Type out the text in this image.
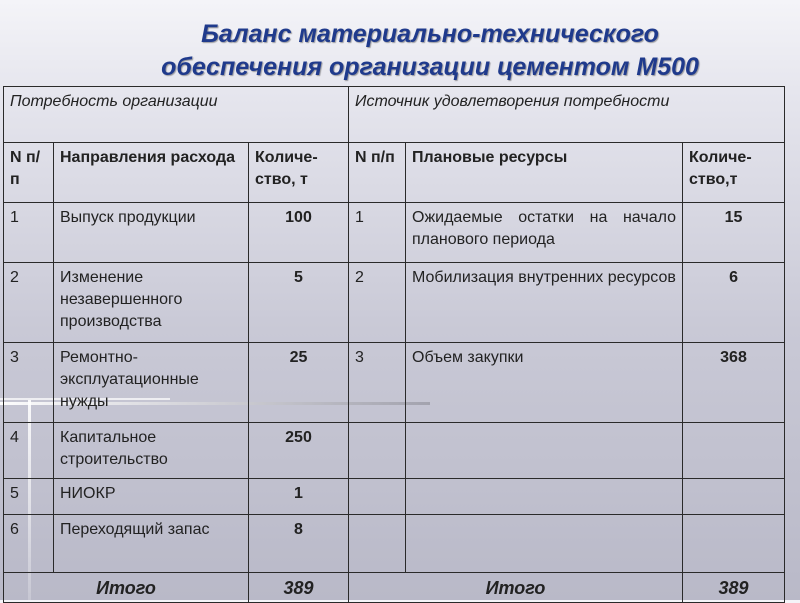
Баланс материально-технического
обеспечения организации цементом М500
Потребность организации			Источник удовлетворения потребности		
N п/п	Направления расхода	Количе-ство, т	N п/п	Плановые ресурсы	Количе-ство,т
1	Выпуск продукции	100	1	Ожидаемые остатки на начало планового периода	15
2	Изменение незавершенного производства	5	2	Мобилизация внутренних ресурсов	6
3	Ремонтно-эксплуатационные нужды	25	3	Объем закупки	368
4	Капитальное строительство	250			
5	НИОКР	1			
6	Переходящий запас	8			
Итого		389	Итого		389
